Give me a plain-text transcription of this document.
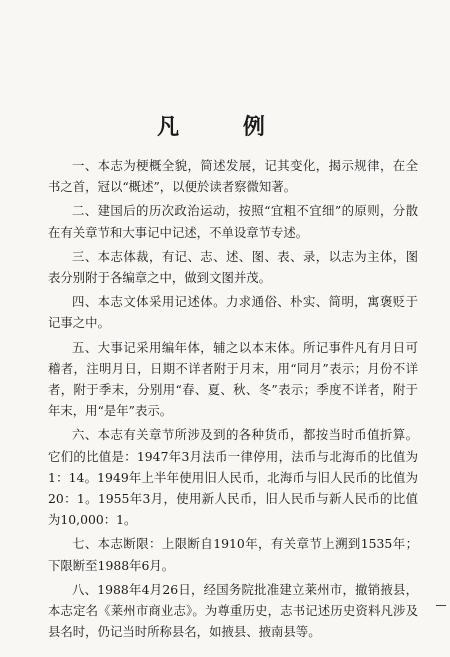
凡 例

一、本志为梗概全貌，简述发展，记其变化，揭示规律，在全书之首，冠以“概述”，以便於读者察微知著。

二、建国后的历次政治运动，按照“宜粗不宜细”的原则，分散在有关章节和大事记中记述，不单设章节专述。

三、本志体裁，有记、志、述、图、表、录，以志为主体，图表分别附于各编章之中，做到文图并茂。

四、本志文体采用记述体。力求通俗、朴实、简明，寓褒贬于记事之中。

五、大事记采用编年体，辅之以本末体。所记事件凡有月日可稽者，注明月日，日期不详者附于月末，用“同月”表示；月份不详者，附于季末，分别用“春、夏、秋、冬”表示；季度不详者，附于年末，用“是年”表示。

六、本志有关章节所涉及到的各种货币，都按当时币值折算。它们的比值是：1947年3月法币一律停用，法币与北海币的比值为1：14。1949年上半年使用旧人民币，北海币与旧人民币的比值为20：1。1955年3月，使用新人民币，旧人民币与新人民币的比值为10,000：1。

七、本志断限：上限断自1910年，有关章节上溯到1535年；下限断至1988年6月。

八、1988年4月26日，经国务院批准建立莱州市，撤销掖县，本志定名《莱州市商业志》。为尊重历史，志书记述历史资料凡涉及县名时，仍记当时所称县名，如掖县、掖南县等。
